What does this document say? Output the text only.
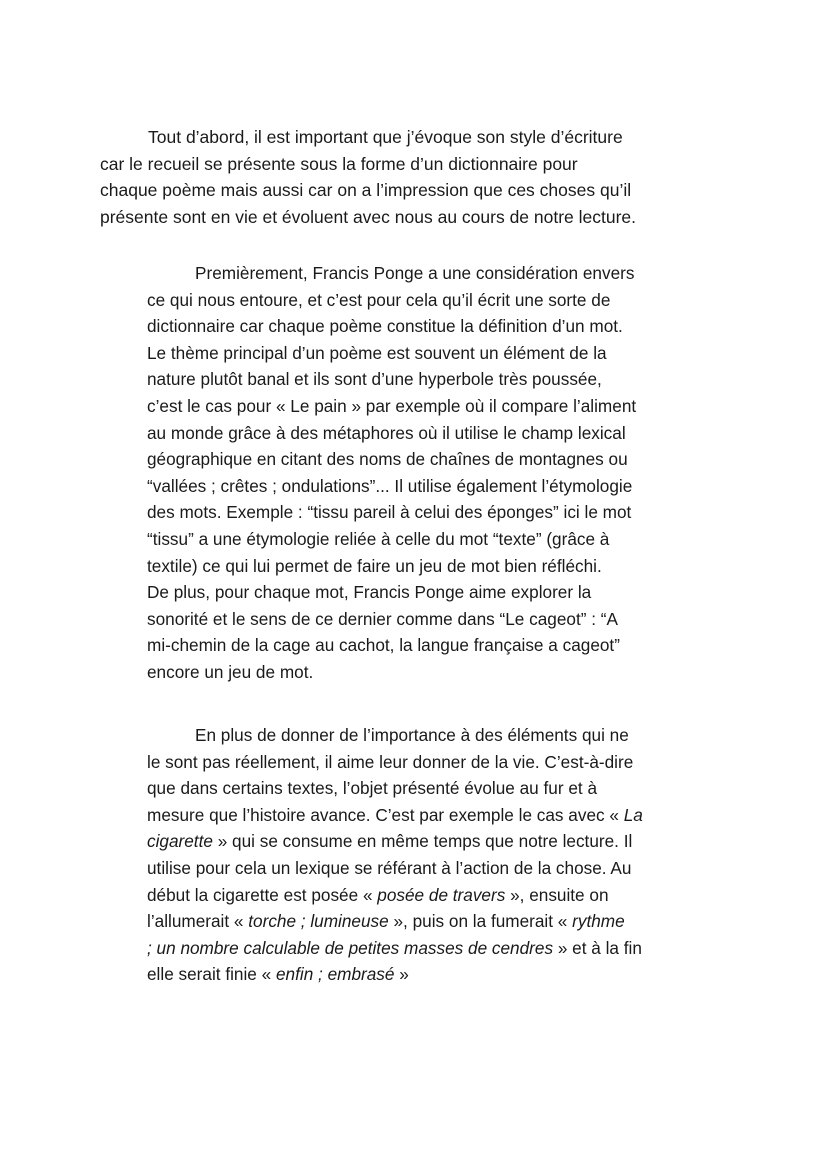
Tout d’abord, il est important que j’évoque son style d’écriture
car le recueil se présente sous la forme d’un dictionnaire pour
chaque poème mais aussi car on a l’impression que ces choses qu’il
présente sont en vie et évoluent avec nous au cours de notre lecture.

Premièrement, Francis Ponge a une considération envers
ce qui nous entoure, et c’est pour cela qu’il écrit une sorte de
dictionnaire car chaque poème constitue la définition d’un mot.
Le thème principal d’un poème est souvent un élément de la
nature plutôt banal et ils sont d’une hyperbole très poussée,
c’est le cas pour « Le pain » par exemple où il compare l’aliment
au monde grâce à des métaphores où il utilise le champ lexical
géographique en citant des noms de chaînes de montagnes ou
“vallées ; crêtes ; ondulations”... Il utilise également l’étymologie
des mots. Exemple : “tissu pareil à celui des éponges” ici le mot
“tissu” a une étymologie reliée à celle du mot “texte” (grâce à
textile) ce qui lui permet de faire un jeu de mot bien réfléchi.
De plus, pour chaque mot, Francis Ponge aime explorer la
sonorité et le sens de ce dernier comme dans “Le cageot” : “A
mi-chemin de la cage au cachot, la langue française a cageot”
encore un jeu de mot.

En plus de donner de l’importance à des éléments qui ne
le sont pas réellement, il aime leur donner de la vie. C’est-à-dire
que dans certains textes, l’objet présenté évolue au fur et à
mesure que l’histoire avance. C’est par exemple le cas avec « La
cigarette » qui se consume en même temps que notre lecture. Il
utilise pour cela un lexique se référant à l’action de la chose. Au
début la cigarette est posée « posée de travers », ensuite on
l’allumerait « torche ; lumineuse », puis on la fumerait « rythme
; un nombre calculable de petites masses de cendres » et à la fin
elle serait finie « enfin ; embrasé »
